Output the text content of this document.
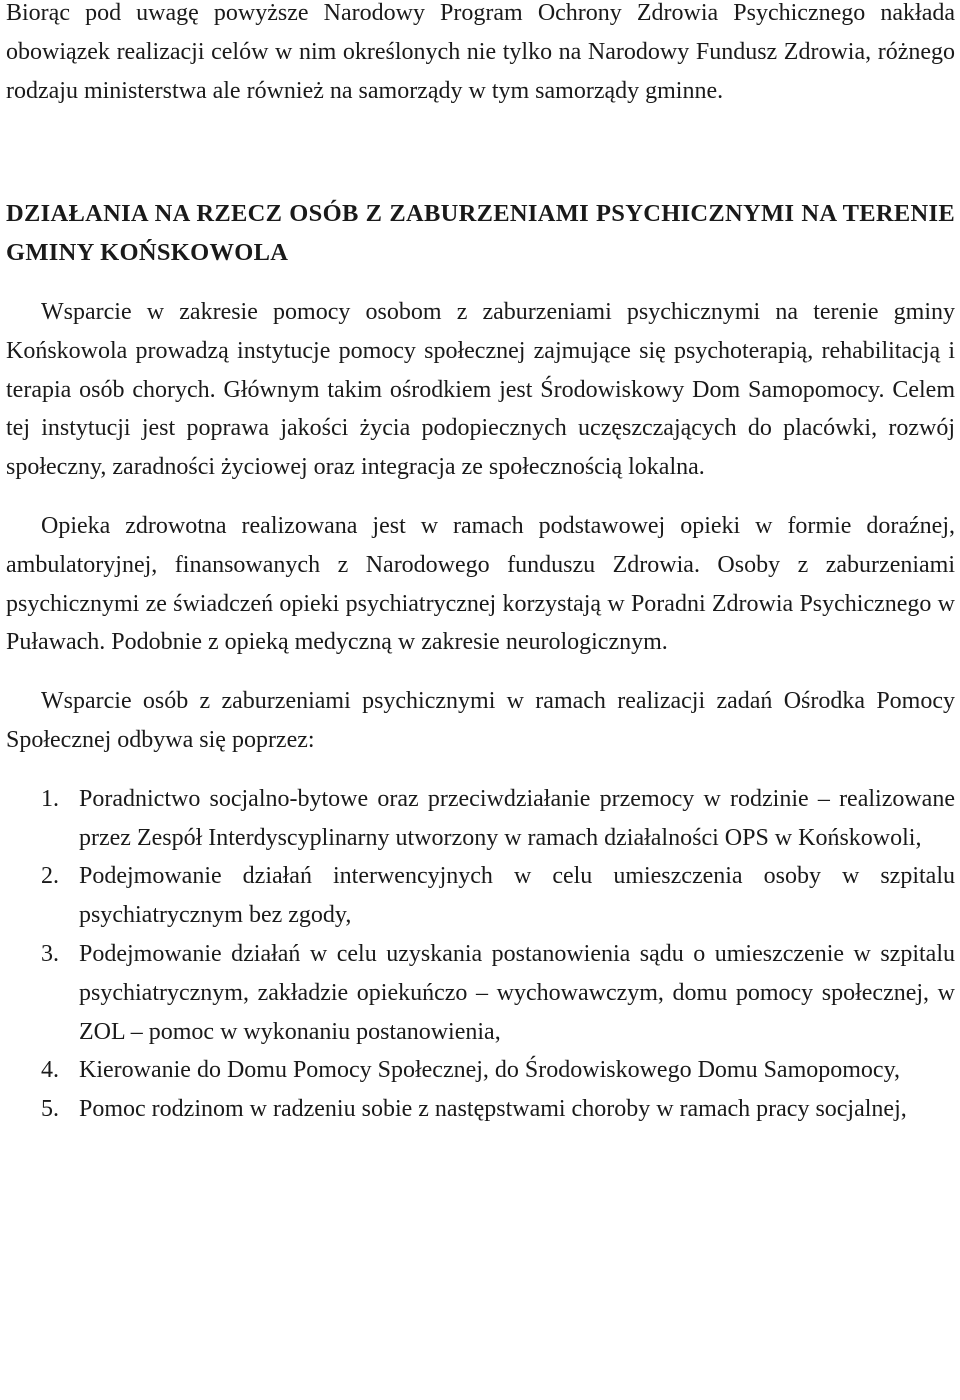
Biorąc pod uwagę powyższe Narodowy Program Ochrony Zdrowia Psychicznego nakłada obowiązek realizacji celów w nim określonych nie tylko na Narodowy Fundusz Zdrowia, różnego rodzaju ministerstwa ale również na samorządy w tym samorządy gminne.

DZIAŁANIA NA RZECZ OSÓB Z ZABURZENIAMI PSYCHICZNYMI NA TERENIE GMINY KOŃSKOWOLA

Wsparcie w zakresie pomocy osobom z zaburzeniami psychicznymi na terenie gminy Końskowola prowadzą instytucje pomocy społecznej zajmujące się psychoterapią, rehabilitacją i terapia osób chorych. Głównym takim ośrodkiem jest Środowiskowy Dom Samopomocy. Celem tej instytucji jest poprawa jakości życia podopiecznych uczęszczających do placówki, rozwój społeczny, zaradności życiowej oraz integracja ze społecznością lokalna.

Opieka zdrowotna realizowana jest w ramach podstawowej opieki w formie doraźnej, ambulatoryjnej, finansowanych z Narodowego funduszu Zdrowia. Osoby z zaburzeniami psychicznymi ze świadczeń opieki psychiatrycznej korzystają w Poradni Zdrowia Psychicznego w Puławach. Podobnie z opieką medyczną w zakresie neurologicznym.

Wsparcie osób z zaburzeniami psychicznymi w ramach realizacji zadań Ośrodka Pomocy Społecznej odbywa się poprzez:

1. Poradnictwo socjalno-bytowe oraz przeciwdziałanie przemocy w rodzinie – realizowane przez Zespół Interdyscyplinarny utworzony w ramach działalności OPS w Końskowoli,
2. Podejmowanie działań interwencyjnych w celu umieszczenia osoby w szpitalu psychiatrycznym bez zgody,
3. Podejmowanie działań w celu uzyskania postanowienia sądu o umieszczenie w szpitalu psychiatrycznym, zakładzie opiekuńczo – wychowawczym, domu pomocy społecznej, w ZOL – pomoc w wykonaniu postanowienia,
4. Kierowanie do Domu Pomocy Społecznej, do Środowiskowego Domu Samopomocy,
5. Pomoc rodzinom w radzeniu sobie z następstwami choroby w ramach pracy socjalnej,
